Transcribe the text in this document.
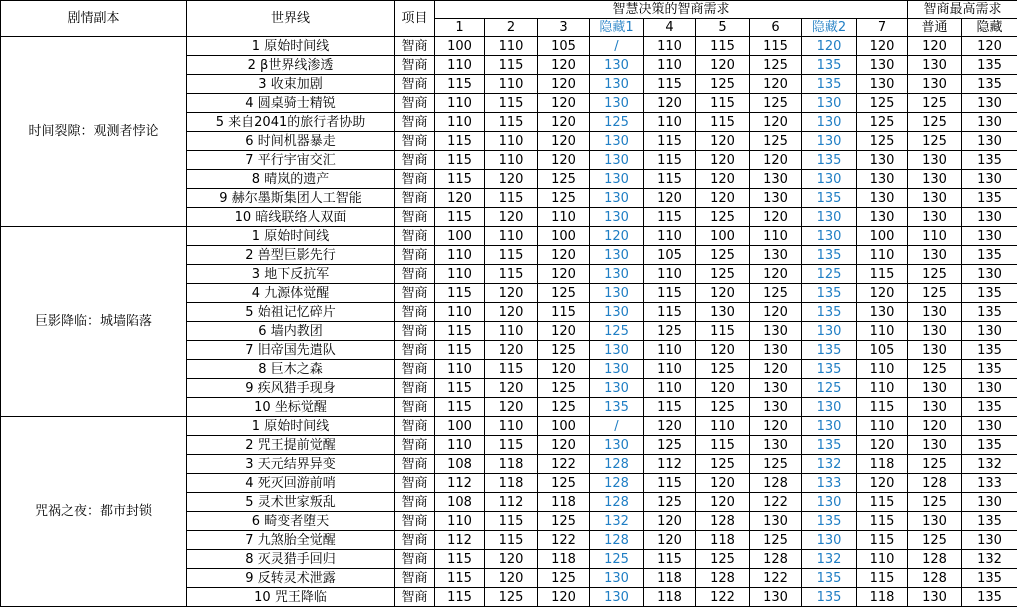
剧情副本	世界线	项目	智慧决策的智商需求									智商最高需求	
			1	2	3	隐藏1	4	5	6	隐藏2	7	普通	隐藏
时间裂隙：观测者悖论	1 原始时间线	智商	100	110	105	/	110	115	115	120	120	120	120
	2 β世界线渗透	智商	110	115	120	130	110	120	125	135	130	130	135
	3 收束加剧	智商	115	110	120	130	115	125	120	135	130	130	135
	4 圆桌骑士精锐	智商	110	115	120	130	120	115	125	130	125	125	130
	5 来自2041的旅行者协助	智商	110	115	120	125	110	115	120	130	125	125	130
	6 时间机器暴走	智商	115	110	120	130	115	120	125	130	125	125	130
	7 平行宇宙交汇	智商	115	110	120	130	115	120	120	135	130	130	135
	8 晴岚的遗产	智商	115	120	125	130	115	120	130	130	130	130	130
	9 赫尔墨斯集团人工智能	智商	120	115	125	130	120	120	130	135	130	130	135
	10 暗线联络人双面	智商	115	120	110	130	115	125	120	130	130	130	130
巨影降临：城墙陷落	1 原始时间线	智商	100	110	100	120	110	100	110	130	100	110	130
	2 兽型巨影先行	智商	110	115	120	130	105	125	130	135	110	130	135
	3 地下反抗军	智商	110	115	120	130	110	125	120	125	115	125	130
	4 九源体觉醒	智商	115	120	125	130	115	120	125	135	120	125	135
	5 始祖记忆碎片	智商	110	120	115	130	115	130	120	135	130	130	135
	6 墙内教团	智商	115	110	120	125	125	115	130	130	110	130	130
	7 旧帝国先遣队	智商	115	120	125	130	110	120	130	135	105	130	135
	8 巨木之森	智商	110	115	120	130	110	125	120	135	110	125	135
	9 疾风猎手现身	智商	115	120	125	130	110	120	130	125	110	130	130
	10 坐标觉醒	智商	115	120	125	135	115	125	130	130	115	130	135
咒祸之夜：都市封锁	1 原始时间线	智商	100	110	100	/	120	110	120	130	110	120	130
	2 咒王提前觉醒	智商	110	115	120	130	125	115	130	135	120	130	135
	3 天元结界异变	智商	108	118	122	128	112	125	125	132	118	125	132
	4 死灭回游前哨	智商	112	118	125	128	115	120	128	133	120	128	133
	5 灵术世家叛乱	智商	108	112	118	128	125	120	122	130	115	125	130
	6 畸变者堕天	智商	110	115	125	132	120	128	130	135	115	130	135
	7 九煞胎全觉醒	智商	112	115	122	128	120	118	125	130	115	125	130
	8 灭灵猎手回归	智商	115	120	118	125	115	125	128	132	110	128	132
	9 反转灵术泄露	智商	115	120	125	130	118	128	122	135	115	128	135
	10 咒王降临	智商	115	125	120	130	118	122	130	135	118	130	135
